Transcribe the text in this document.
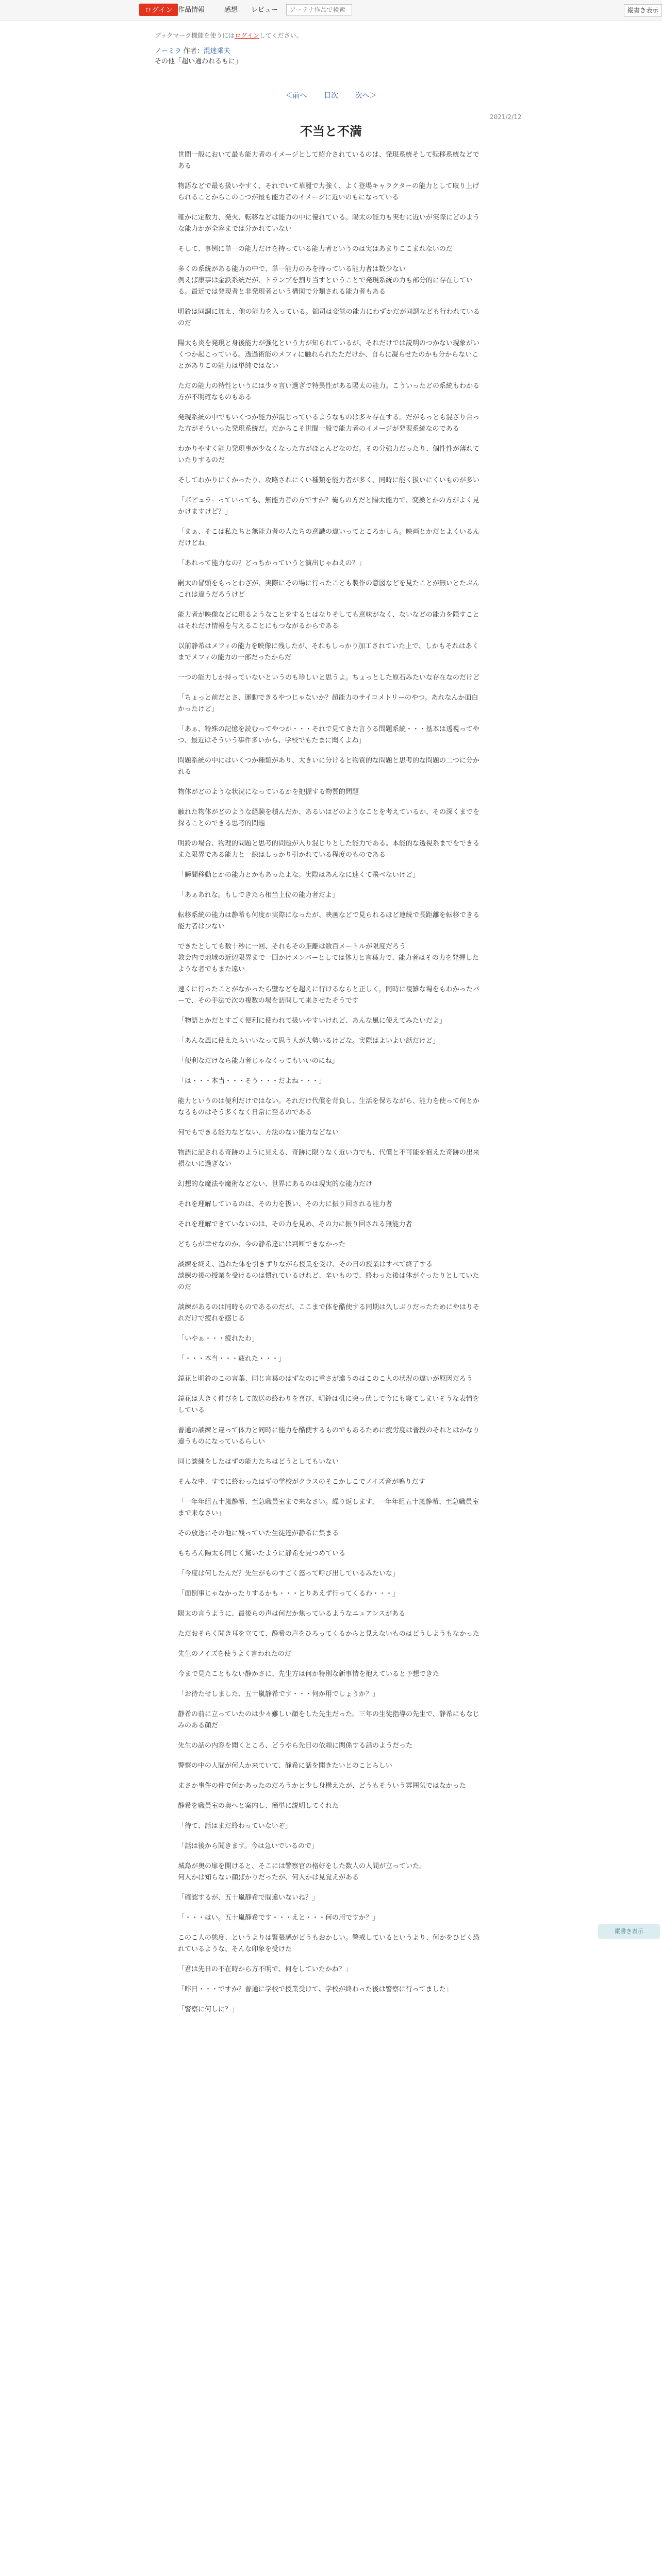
ログイン 作品情報	感想 レビュー
アーテナ作品で検索	縦書き表示
ブックマーク機能を使うにはログインしてください。
ノーミラ 作者：混迷乗夫
その他「超い通われるもに」
＜前へ 目次 次へ＞
2021/2/12
不当と不満

世間一般において最も能力者のイメージとして紹介されているのは、発現系統そして転移系統などである

物語などで最も扱いやすく、それでいて華麗で力強く、よく登場キャラクターの能力として取り上げられることからこのこつが最も能力者のイメージに近いのもになっている

確かに定数力、発火、転移などは能力の中に優れている。陽太の能力も実むに近いが実際にどのような能力かが全容までは分かれていない

そして、事例に単一の能力だけを持っている能力者というのは実はあまりここまれないのだ

多くの系統がある能力の中で、単一能力のみを持っている能力者は数少ない
例えば康事は金鉄系統だが、トランプを割り当すということで発現系統の力も部分的に存在している。最近では発現者と非発現者という構図で分類される能力者もある

明鈴は同調に加え、他の能力を入っている。錦司は変態の能力にわずかだが同調なども行われているのだ

陽太も炎を発現と身後能力が強化という力が知られているが、それだけでは説明のつかない現象がいくつか起こっている。透過術能のメフィに触れられたただけか、自らに凝らせたのかも分からないことがありこの能力は単純ではない

ただの能力の特性というには少々言い過ぎで特異性がある陽太の能力。こういったどの系統もわかる方が不明確なものもある

発現系統の中でもいくつか能力が混じっているようなものは多々存在する。だがもっとも混ざり合った方がそういった発現系統だ。だからこそ世間一般で能力者のイメージが発現系統なのである

わかりやすく能力発現事が少なくなった方がほとんどなのだ。その分強力だったり、個性性が薄れていたりするのだ

そしてわかりにくかったり、攻略されにくい種類を能力者が多く、同時に能く扱いにくいものが多い

「ボピュラーっていっても、無能力者の方ですか？俺らの方だと陽太能力で、変換とかの方がよく見かけますけど？」

「まぁ、そこは私たちと無能力者の人たちの意識の違いってところかしら。映画とかだとよくいるんだけどね」

「あれって能力なの？どっちかっていうと演出じゃねえの？」

嗣太の冒頭をもっとわざが、実際にその場に行ったことも製作の意図などを見たことが無いとたぶんこれは違うだろうけど

能力者が映像などに現るようなことをするとはなりそしても意味がなく、ないなどの能力を隠すことはそれだけ情報を与えることにもつながるからである

以前静希はメフィの能力を映像に残したが、それもしっかり加工されていた上で、しかもそれはあくまでメフィの能力の一部だったからだ

一つの能力しか持っていないというのも珍しいと思うよ。ちょっとした原石みたいな存在なのだけど

「ちょっと前だとさ、運動できるやつじゃないか？超能力のサイコメトリーのやつ。あれなんか面白かったけど」

「あぁ、特殊の記憶を読むってやつか・・・それで見てきた言うる問題系統・・・基本は透視ってやつ、最近はそういう事件多いから、学校でもたまに聞くよね」

問題系統の中にはいくつか種類があり、大きいに分けると物質的な問題と思考的な問題の二つに分かれる

物体がどのような状況になっているかを把握する物質的問題

触れた物体がどのような経験を積んだか、あるいはどのようなことを考えているか、その深くまでを探ることのできる思考的問題

明鈴の場合、物理的問題と思考的問題が入り混じりとした能力である。本能的な透視系までをできるまた限界である能力と一線はしっかり引かれている程度のものである

「瞬間移動とかの能力とかもあったよな。実際はあんなに速くて飛べないけど」

「あぁあれな。もしできたら相当上位の能力者だよ」

転移系統の能力は静希も何度か実際になったが、映画などで見られるほど連続で長距離を転移できる能力者は少ない

できたとしても数十秒に一回、それもその距離は数百メートルが限度だろう
教会内で地域の近辺限界まで一回かけメンバーとしては体力と言葉力で、能力者はその力を発揮したような者でもまた遠い

速くに行ったことがなかったら壁などを超えに行けるならと正しく，同時に複雑な場をもわかったバーで、その手法で次の複数の場を訪問して来させたそうです

「物語とかだとすごく便利に使われて扱いやすいけれど、あんな風に使えてみたいだよ」

「あんな風に使えたらいいなって思う人が大勢いるけどな。実際はよいよい話だけど」

「便利なだけなら能力者じゃなくってもいいのにね」

「は・・・本当・・・そう・・・だよね・・・」

能力というのは便利だけではない。それだけ代償を背負し、生活を保ちながら、能力を使って何とかなるものはそう多くなく日常に至るのである

何でもできる能力などない、方法のない能力などない

物語に記される奇跡のように見える、奇跡に限りなく近い力でも、代償と不可能を抱えた奇跡の出来損ないに過ぎない

幻想的な魔法や魔術などない、世界にあるのは現実的な能力だけ

それを理解しているのは、その力を扱い、その力に振り回される能力者

それを理解できていないのは、その力を見め、その力に振り回される無能力者

どちらが幸せなのか、今の静希達には判断できなかった

談練を終え、過れた体を引きずりながら授業を受け、その日の授業はすべて終了する
談練の後の授業を受けるのは慣れているけれど、辛いもので、終わった後は体がぐったりとしていたのだ

談練があるのは同時ものであるのだが、ここまで体を酷使する同期は久しぶりだったためにやはりそれだけで疲れを感じる

「いやぁ・・・疲れたわ」

「・・・本当・・・疲れた・・・」

鏡花と明鈴のこの言葉、同じ言葉のはずなのに重さが違うのはこのこ人の状況の違いが原因だろう

鏡花は大きく伸びをして放送の終わりを喜び、明鈴は机に突っ伏して今にも寝てしまいそうな表情をしている

普通の談練と違って体力と同時に能力を酷使するものでもあるために疲労度は普段のそれとはかなり違うものになっているらしい

同じ談練をしたはずの能力たちはどうとしてもいない

そんな中、すでに終わったはずの学校がクラスのそこかしこでノイズ音が鳴りだす

「一年年組五十嵐静希、至急職員室まで来なさい。繰り返します、一年年組五十嵐静希、至急職員室まで来なさい」

その放送にその他に残っていた生徒達が静希に集まる

もちろん陽太も同じく驚いたように静希を見つめている

「今度は何したんだ？先生がものすごく怒って呼び出しているみたいな」

「面倒事じゃなかったりするかも・・・とりあえず行ってくるわ・・・」

陽太の言うように、最後らの声は何だか焦っているようなニュアンスがある

ただおそらく聞き耳を立てて、静希の声をひろってくるからと見えないものはどうしようもなかった

先生のノイズを使うよく言われたのだ

今まで見たこともない静かさに、先生方は何か特別な新事情を抱えていると予想できた

「お待たせしました、五十嵐静希です・・・何か用でしょうか？」

静希の前に立っていたのは少々難しい顔をした先生だった。三年の生徒指導の先生で、静希にもなじみのある顔だ

先生の話の内容を聞くところ、どうやら先日の依頼に関係する話のようだった

警察の中の人間が何人か来ていて、静希に話を聞きたいとのことらしい

まさか事件の件で何かあったのだろうかと少し身構えたが、どうもそういう雰囲気ではなかった

静希を職員室の奥へと案内し、簡単に説明してくれた

「待て、話はまだ終わっていないぞ」

「話は後から聞きます。今は急いでいるので」

城島が奥の扉を開けると、そこには警察官の格好をした数人の人間が立っていた。
何人かは知らない顔ばかりだったが、何人かは見覚えがある

「確認するが、五十嵐静希で間違いないね？」

「・・・はい。五十嵐静希です・・・えと・・・何の用ですか？」

このこ人の態度、というよりは緊張感がどうもおかしい。警戒しているというより、何かをひどく恐れているような、そんな印象を受けた

「君は先日の不在時から方不明で、何をしていたかね？」

「昨日・・・ですか？普通に学校で授業受けて、学校が終わった後は警察に行ってました」

「警察に何しに？」

縦書き表示
